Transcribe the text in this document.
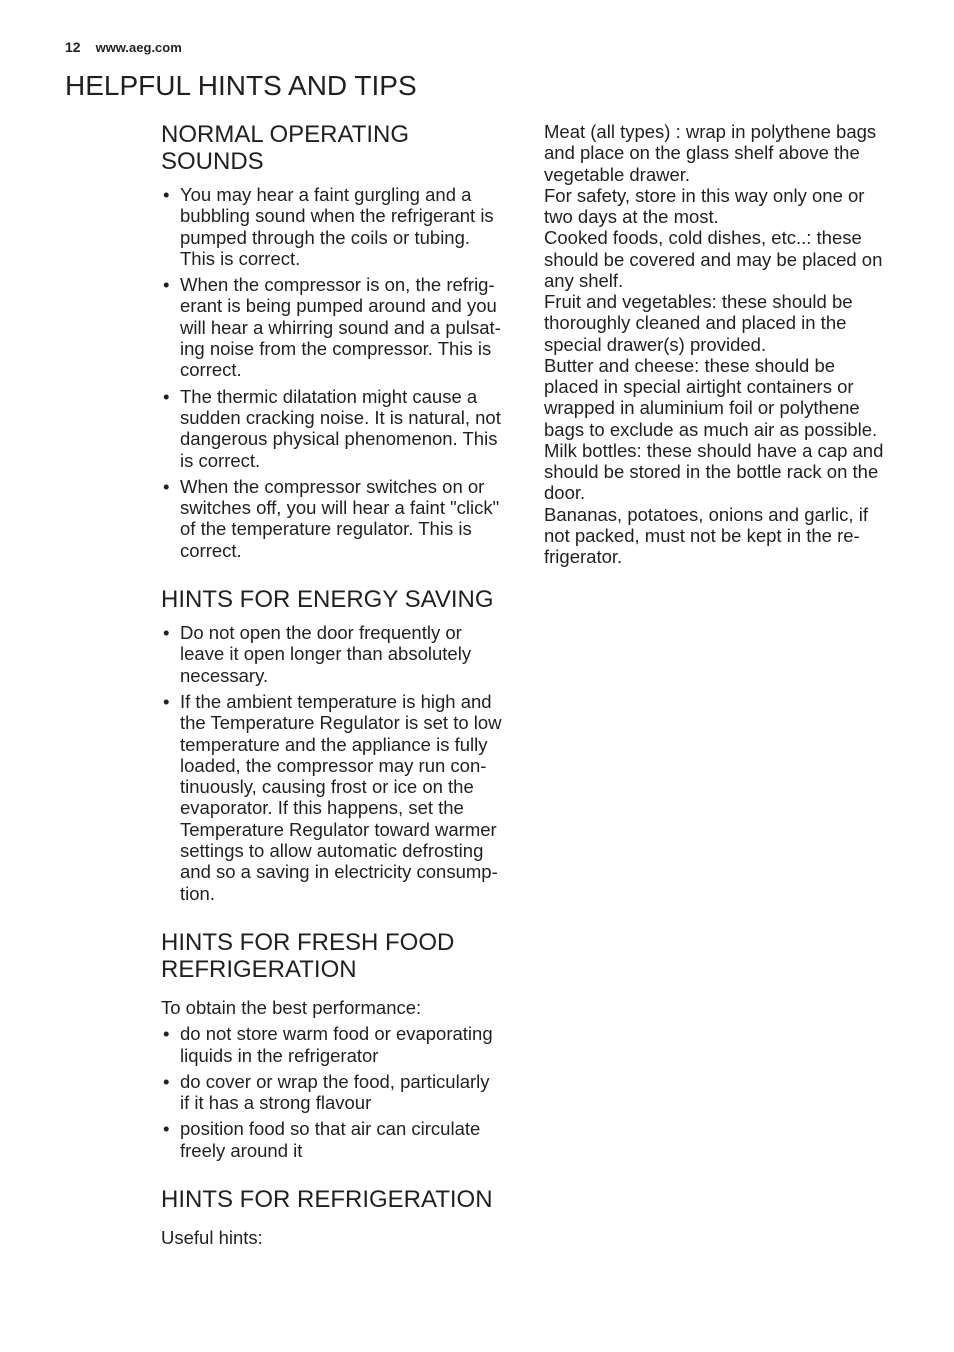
12 www.aeg.com
HELPFUL HINTS AND TIPS
NORMAL OPERATING
SOUNDS
• You may hear a faint gurgling and a
bubbling sound when the refrigerant is
pumped through the coils or tubing.
This is correct.
• When the compressor is on, the refrig-
erant is being pumped around and you
will hear a whirring sound and a pulsat-
ing noise from the compressor. This is
correct.
• The thermic dilatation might cause a
sudden cracking noise. It is natural, not
dangerous physical phenomenon. This
is correct.
• When the compressor switches on or
switches off, you will hear a faint "click"
of the temperature regulator. This is
correct.
HINTS FOR ENERGY SAVING
• Do not open the door frequently or
leave it open longer than absolutely
necessary.
• If the ambient temperature is high and
the Temperature Regulator is set to low
temperature and the appliance is fully
loaded, the compressor may run con-
tinuously, causing frost or ice on the
evaporator. If this happens, set the
Temperature Regulator toward warmer
settings to allow automatic defrosting
and so a saving in electricity consump-
tion.
HINTS FOR FRESH FOOD
REFRIGERATION

To obtain the best performance:

• do not store warm food or evaporating
liquids in the refrigerator
• do cover or wrap the food, particularly
if it has a strong flavour
• position food so that air can circulate
freely around it
HINTS FOR REFRIGERATION

Useful hints:

Meat (all types) : wrap in polythene bags
and place on the glass shelf above the
vegetable drawer.

For safety, store in this way only one or
two days at the most.

Cooked foods, cold dishes, etc..: these
should be covered and may be placed on
any shelf.

Fruit and vegetables: these should be
thoroughly cleaned and placed in the
special drawer(s) provided.

Butter and cheese: these should be
placed in special airtight containers or
wrapped in aluminium foil or polythene
bags to exclude as much air as possible.

Milk bottles: these should have a cap and
should be stored in the bottle rack on the
door.

Bananas, potatoes, onions and garlic, if
not packed, must not be kept in the re-
frigerator.
